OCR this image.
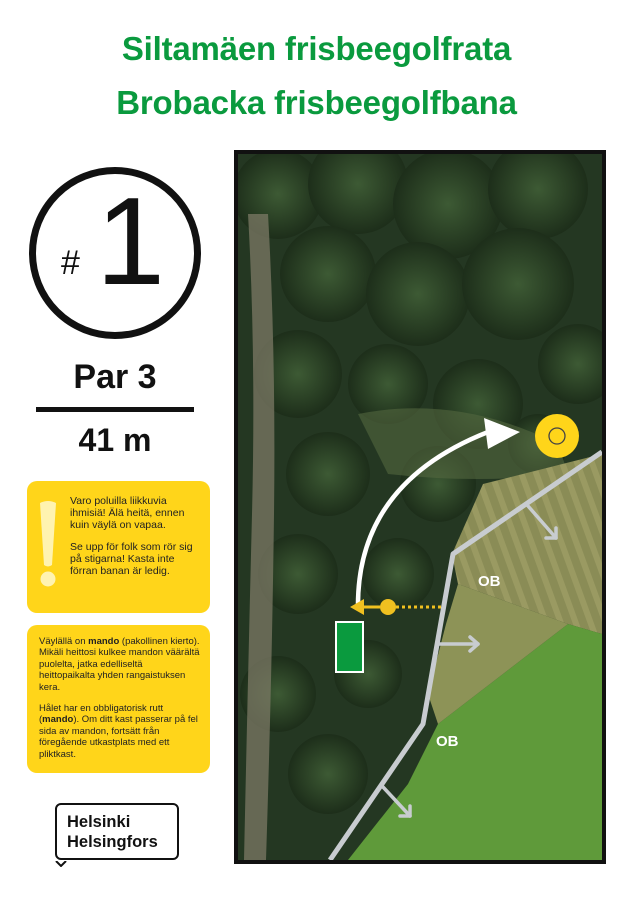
Siltamäen frisbeegolfrata
Brobacka frisbeegolfbana
# 1
Par 3
41 m

Varo poluilla liikkuvia ihmisiä! Älä heitä, ennen kuin väylä on vapaa.

Se upp för folk som rör sig på stigarna! Kasta inte förran banan är ledig.

Väylällä on mando (pakollinen kierto). Mikäli heittosi kulkee mandon väärältä puolelta, jatka edelliseltä heittopaikalta yhden rangaistuksen kera.

Hålet har en obbligatorisk rutt (mando). Om ditt kast passerar på fel sida av mandon, fortsätt från föregående utkastplats med ett pliktkast.

Helsinki
Helsingfors
OB
OB
